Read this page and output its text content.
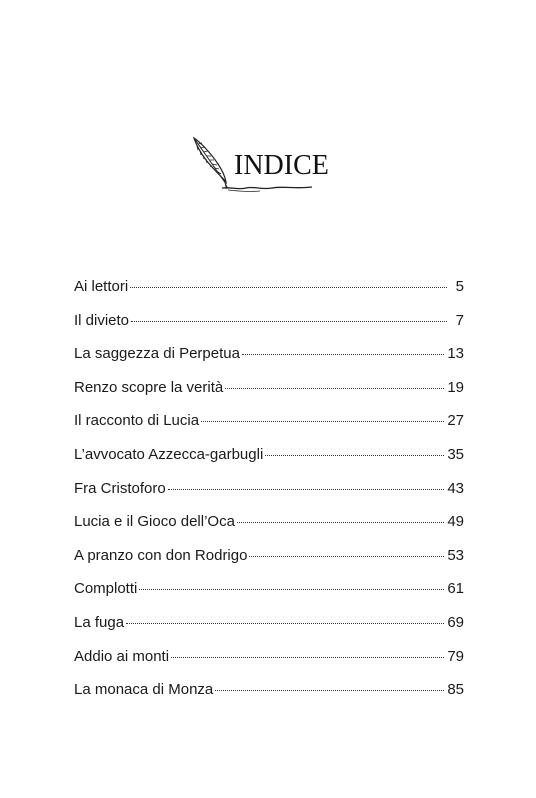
INDICE
Ai lettori	5
Il divieto	7
La saggezza di Perpetua	13
Renzo scopre la verità	19
Il racconto di Lucia	27
L’avvocato Azzecca-garbugli	35
Fra Cristoforo	43
Lucia e il Gioco dell’Oca	49
A pranzo con don Rodrigo	53
Complotti	61
La fuga	69
Addio ai monti	79
La monaca di Monza	85
